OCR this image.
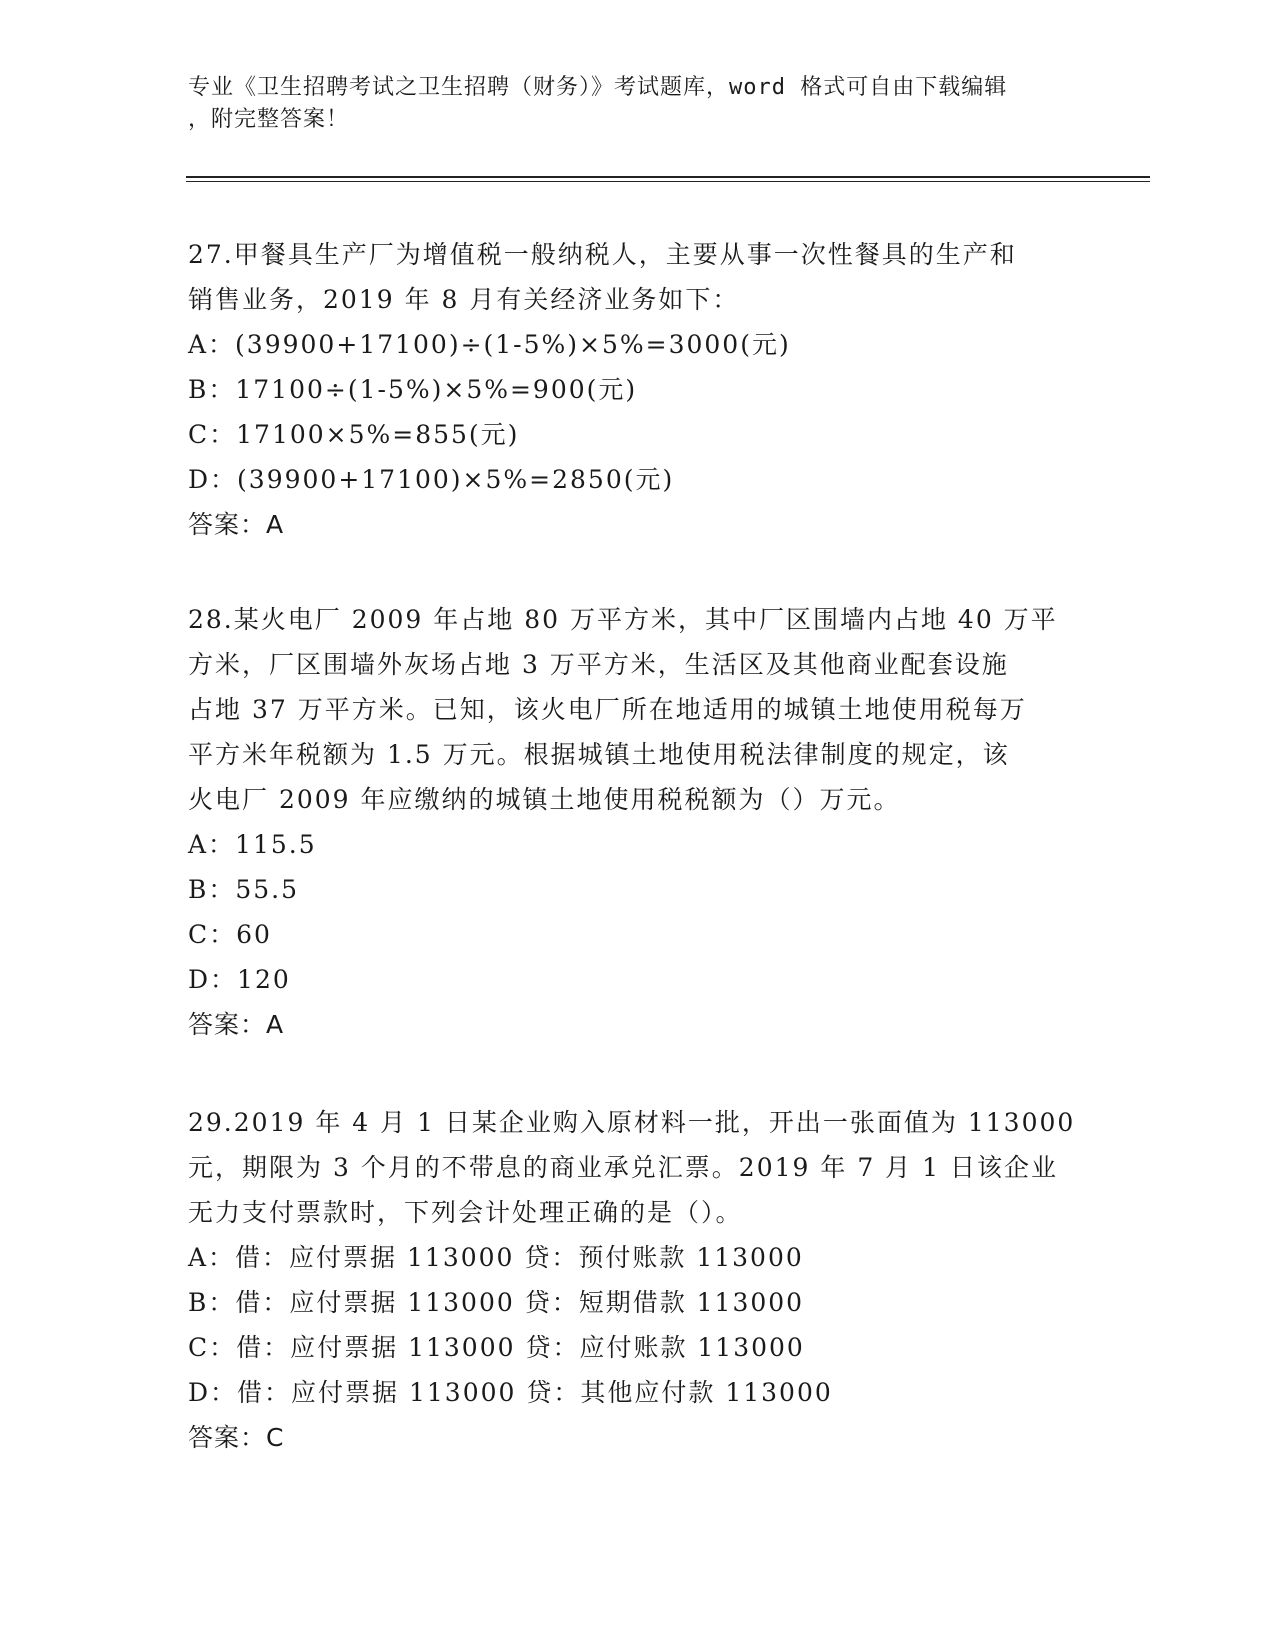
专业《卫生招聘考试之卫生招聘（财务）》考试题库，word 格式可自由下载编辑
，附完整答案！
27.甲餐具生产厂为增值税一般纳税人，主要从事一次性餐具的生产和
销售业务，2019 年 8 月有关经济业务如下：
A：(39900+17100)÷(1-5%)×5%=3000(元)
B：17100÷(1-5%)×5%=900(元)
C：17100×5%=855(元)
D：(39900+17100)×5%=2850(元)
答案：A
28.某火电厂 2009 年占地 80 万平方米，其中厂区围墙内占地 40 万平
方米，厂区围墙外灰场占地 3 万平方米，生活区及其他商业配套设施
占地 37 万平方米。已知，该火电厂所在地适用的城镇土地使用税每万
平方米年税额为 1.5 万元。根据城镇土地使用税法律制度的规定，该
火电厂 2009 年应缴纳的城镇土地使用税税额为（）万元。
A：115.5
B：55.5
C：60
D：120
答案：A
29.2019 年 4 月 1 日某企业购入原材料一批，开出一张面值为 113000
元，期限为 3 个月的不带息的商业承兑汇票。2019 年 7 月 1 日该企业
无力支付票款时，下列会计处理正确的是（）。
A：借：应付票据 113000 贷：预付账款 113000
B：借：应付票据 113000 贷：短期借款 113000
C：借：应付票据 113000 贷：应付账款 113000
D：借：应付票据 113000 贷：其他应付款 113000
答案：C
